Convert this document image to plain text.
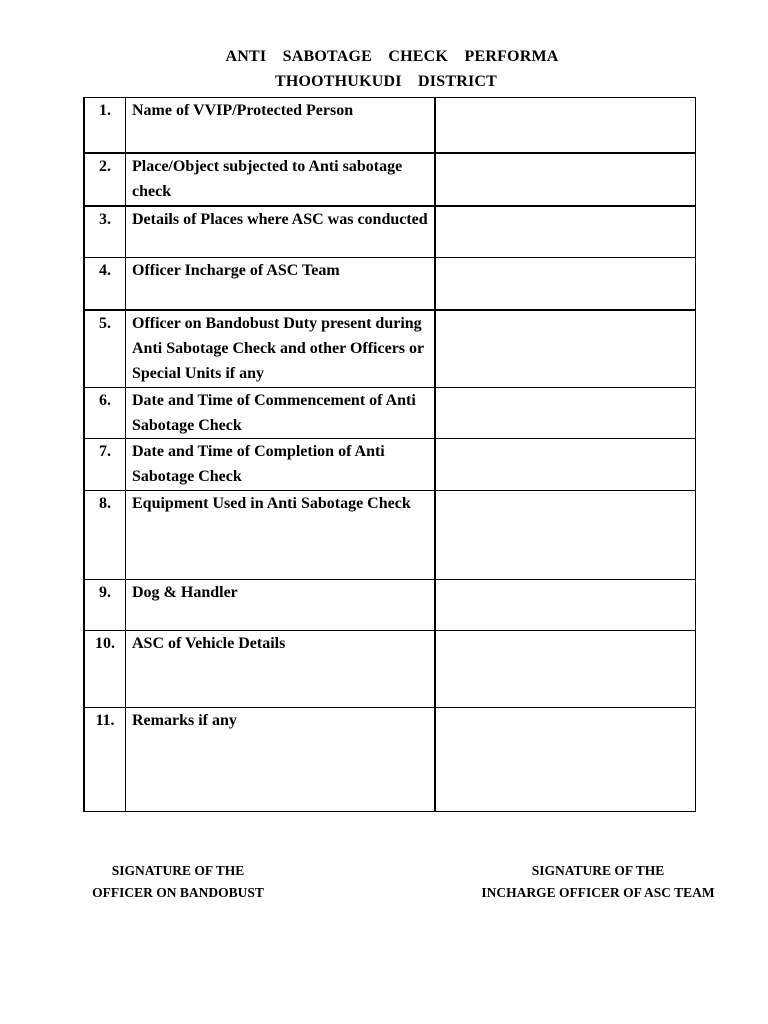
ANTI  SABOTAGE  CHECK  PERFORMA
THOOTHUKUDI  DISTRICT
1.	Name of VVIP/Protected Person	
2.	Place/Object subjected to Anti sabotage check	
3.	Details of Places where ASC was conducted	
4.	Officer Incharge of ASC Team	
5.	Officer on Bandobust Duty present during Anti Sabotage Check and other Officers or Special Units if any	
6.	Date and Time of Commencement of Anti Sabotage Check	
7.	Date and Time of Completion of Anti Sabotage Check	
8.	Equipment Used in Anti Sabotage Check	
9.	Dog & Handler	
10.	ASC of Vehicle Details	
11.	Remarks if any	
SIGNATURE OF THE
OFFICER ON BANDOBUST
SIGNATURE OF THE
INCHARGE OFFICER OF ASC TEAM
